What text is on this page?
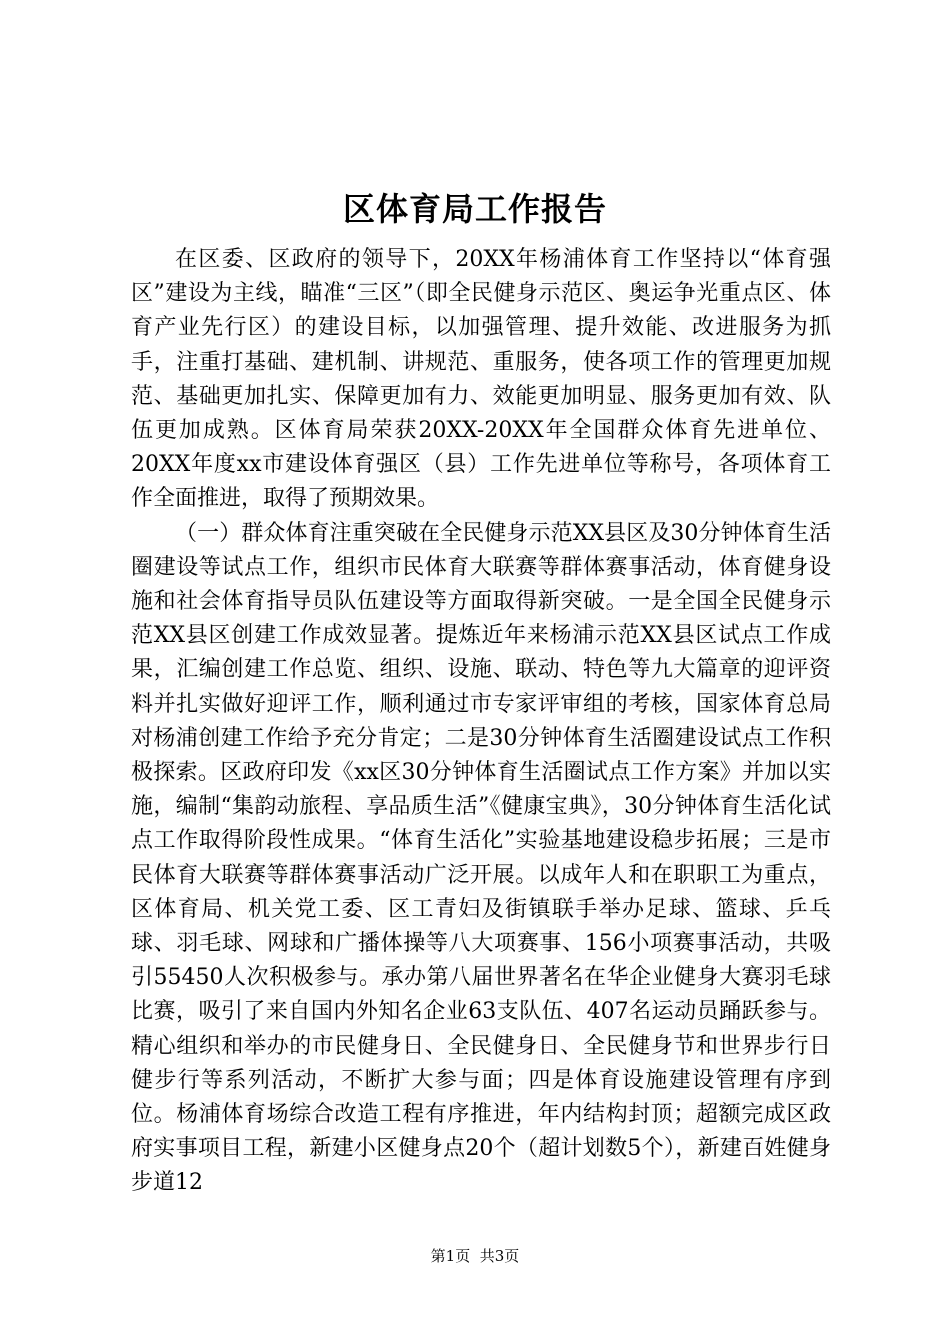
区体育局工作报告

在区委、区政府的领导下，20XX年杨浦体育工作坚持以“体育强区”建设为主线，瞄准“三区”（即全民健身示范区、奥运争光重点区、体育产业先行区）的建设目标，以加强管理、提升效能、改进服务为抓手，注重打基础、建机制、讲规范、重服务，使各项工作的管理更加规范、基础更加扎实、保障更加有力、效能更加明显、服务更加有效、队伍更加成熟。区体育局荣获20XX-20XX年全国群众体育先进单位、20XX年度xx市建设体育强区（县）工作先进单位等称号，各项体育工作全面推进，取得了预期效果。

（一）群众体育注重突破在全民健身示范XX县区及30分钟体育生活圈建设等试点工作，组织市民体育大联赛等群体赛事活动，体育健身设施和社会体育指导员队伍建设等方面取得新突破。一是全国全民健身示范XX县区创建工作成效显著。提炼近年来杨浦示范XX县区试点工作成果，汇编创建工作总览、组织、设施、联动、特色等九大篇章的迎评资料并扎实做好迎评工作，顺利通过市专家评审组的考核，国家体育总局对杨浦创建工作给予充分肯定；二是30分钟体育生活圈建设试点工作积极探索。区政府印发《xx区30分钟体育生活圈试点工作方案》并加以实施，编制“集韵动旅程、享品质生活”《健康宝典》，30分钟体育生活化试点工作取得阶段性成果。“体育生活化”实验基地建设稳步拓展；三是市民体育大联赛等群体赛事活动广泛开展。以成年人和在职职工为重点，区体育局、机关党工委、区工青妇及街镇联手举办足球、篮球、乒乓球、羽毛球、网球和广播体操等八大项赛事、156小项赛事活动，共吸引55450人次积极参与。承办第八届世界著名在华企业健身大赛羽毛球比赛，吸引了来自国内外知名企业63支队伍、407名运动员踊跃参与。精心组织和举办的市民健身日、全民健身日、全民健身节和世界步行日健步行等系列活动，不断扩大参与面；四是体育设施建设管理有序到位。杨浦体育场综合改造工程有序推进，年内结构封顶；超额完成区政府实事项目工程，新建小区健身点20个（超计划数5个），新建百姓健身步道12

第1页 共3页
